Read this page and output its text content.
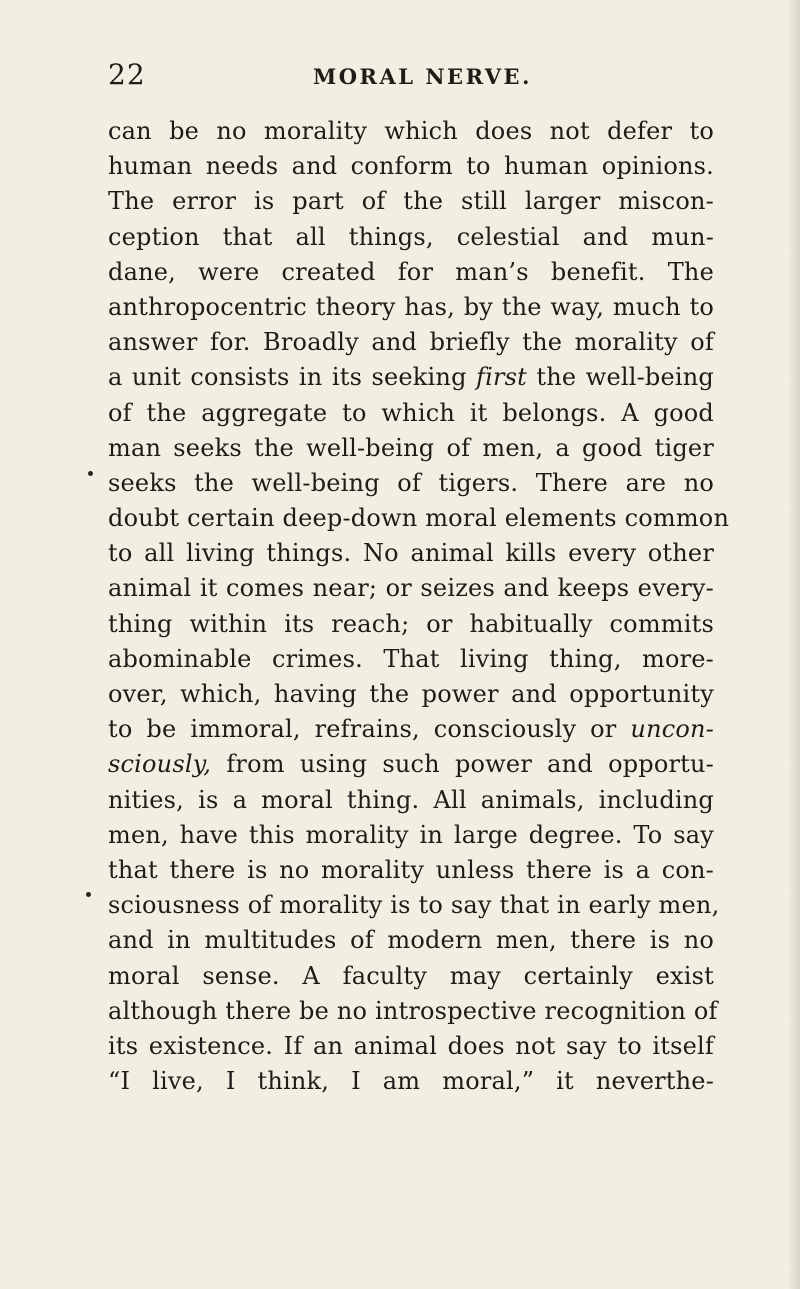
22	MORAL NERVE.
can be no morality which does not defer to
human needs and conform to human opinions.
The error is part of the still larger miscon-
ception that all things, celestial and mun-
dane, were created for man’s benefit. The
anthropocentric theory has, by the way, much to
answer for. Broadly and briefly the morality of
a unit consists in its seeking first the well-being
of the aggregate to which it belongs. A good
man seeks the well-being of men, a good tiger
seeks the well-being of tigers. There are no
doubt certain deep-down moral elements common
to all living things. No animal kills every other
animal it comes near; or seizes and keeps every-
thing within its reach; or habitually commits
abominable crimes. That living thing, more-
over, which, having the power and opportunity
to be immoral, refrains, consciously or uncon-
sciously, from using such power and opportu-
nities, is a moral thing. All animals, including
men, have this morality in large degree. To say
that there is no morality unless there is a con-
sciousness of morality is to say that in early men,
and in multitudes of modern men, there is no
moral sense. A faculty may certainly exist
although there be no introspective recognition of
its existence. If an animal does not say to itself
“I live, I think, I am moral,” it neverthe-
